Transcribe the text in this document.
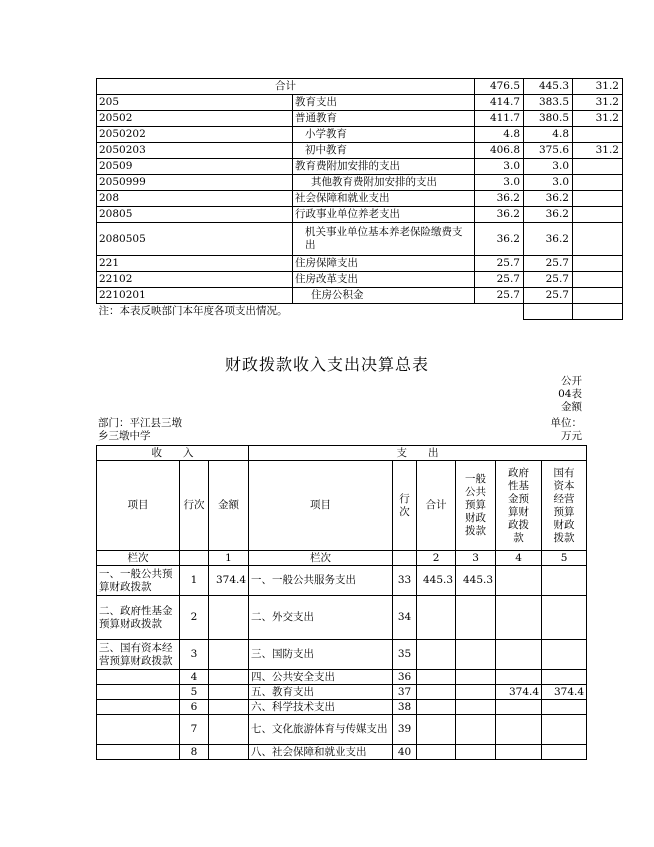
合计		476.5	445.3	31.2
205	教育支出	414.7	383.5	31.2
20502	普通教育	411.7	380.5	31.2
2050202	小学教育	4.8	4.8	
2050203	初中教育	406.8	375.6	31.2
20509	教育费附加安排的支出	3.0	3.0	
2050999	其他教育费附加安排的支出	3.0	3.0	
208	社会保障和就业支出	36.2	36.2	
20805	行政事业单位养老支出	36.2	36.2	
2080505	机关事业单位基本养老保险缴费支出	36.2	36.2	
221	住房保障支出	25.7	25.7	
22102	住房改革支出	25.7	25.7	
2210201	住房公积金	25.7	25.7	
注：本表反映部门本年度各项支出情况。				
财政拨款收入支出决算总表
公开04表
金额
单位：
万元
部门：平江县三墩乡三墩中学
收　　入			支　　出					
项目	行次	金额	项目	行次	合计	一般公共预算财政拨款	政府性基金预算财政拨款	国有资本经营预算财政拨款
栏次		1	栏次		2	3	4	5
一、一般公共预算财政拨款	1	374.4	一、一般公共服务支出	33	445.3	445.3		
二、政府性基金预算财政拨款	2		二、外交支出	34				
三、国有资本经营预算财政拨款	3		三、国防支出	35				
	4		四、公共安全支出	36				
	5		五、教育支出	37			374.4	374.4
	6		六、科学技术支出	38				
	7		七、文化旅游体育与传媒支出	39				
	8		八、社会保障和就业支出	40				
